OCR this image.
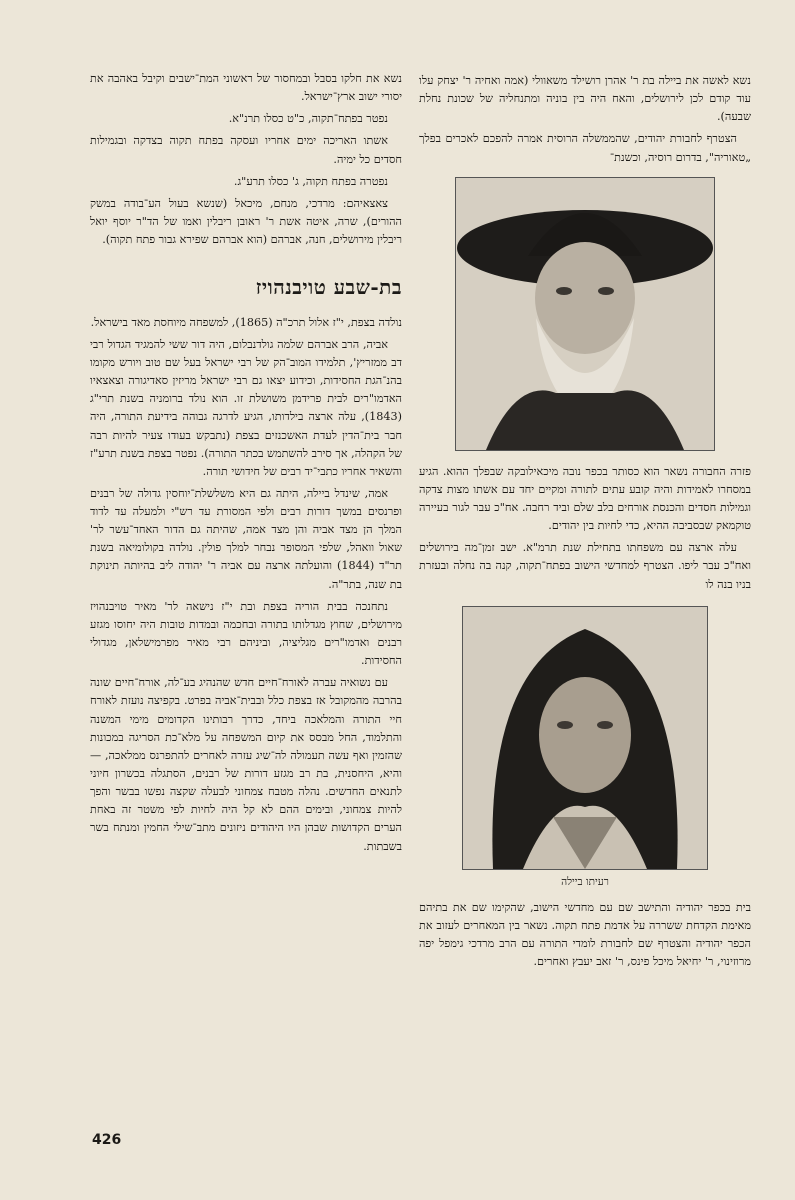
נשא לאשה את ביילה בת ר' אהרן רושילד משאוולי (אמה ואחיה ר' יצחק עלו עוד קודם לכן לירושלים, והאח היה בין בוניה ומתנחליה של שכונת נחלת שבעה).

הצטרף לחבורת יהודים, שהממשלה הרוסית אמרה להפכם לאכרים בפלך „טאוריה", בדרום רוסיה, וכשנת־

פזרה החבורה נשאר הוא כסותר בכפר נובה מיכאילובקה שבפלך ההוא. הגיע במסחרו לאמידות והיה קובע עתים לתורה ומקיים יחד עם אשתו מצות צדקה וגמילות חסדים והכנסת אורחים בלב שלם וביד רחבה. אח"כ עבר לגור בעיירה טוקמאק שבסביבה ההיא, כדי לחיות בין יהודים.

עלה ארצה עם משפחתו בתחילת שנת תרמ"א. ישב זמן־מה בירושלים ואח"כ עבר ליפו. הצטרף למחדשי הישוב בפתח־תקוה, קנה בה נחלה ובעזרת בניו בנה לו

רעיתו ביילה

בית בכפר יהודיה והתישב שם עם מחדשי הישוב, שהקימו שם את בתיהם מאימת הקדחת ששררה על אדמת פתח תקוה. נשאר בין המאחרים לעזוב את הכפר יהודיה והצטרף שם לחבורת לומדי התורה עם הרב מרדכי גימפל יפה מרוזינוי, ר' יחיאל מיכל פינס, ר' זאב יעבץ ואחרים.

נשא את חלקו בסבל ובמחסור של ראשוני המת־ישבים וקיבל באהבה את יסורי ישוב ארץ־ישראל.

נפטר בפתח־תקוה, כ"ט כסלו תרנ"א.

אשתו האריכה ימים אחריו ועסקה בפתח תקוה בצדקה ובגמילות חסדים כל ימיה.

נפטרה בפתח תקוה, ג' כסלו תרע"ג.

צאצאיהם: מרדכי, מנחם, מיכאל (שנשא בעול הע־בודה במשק ההורים), שרה, איטה אשת ר' ראובן ריבלין ואמו של הד"ר יוסף יואל ריבלין מירושלים, חנה, אברהם (הוא אברהם שפירא גבור פתח תקוה).

בת-שבע טויבנהויז

נולדה בצפת, י"ז אלול תרכ"ה (1865), למשפחה מיוחסת מאד בישראל.

אביה, הרב אברהם שלמה גולדנבלום, היה דור ששי להמגיד הגדול רבי דב ממזריץ', תלמידו המוב־הק של רבי ישראל בעל שם טוב ויורש מקומו בהנ־הגת החסידות, וכידוע יצאו גם רבי ישראל מריזין סאדיגורה וצאצאיו האדמו"רים לבית פרידמן משושלת זו. הוא נולד ברומניה בשנת תרי"ג (1843), עלה ארצה בילדותו, הגיע לדרגה גבוהה בידיעת התורה, היה חבר בית־הדין לעדת האשכנזים בצפת (נתבקש בעודו צעיר להיות רבה של הקהלה, אך סירב להשתמש בכתר התורה). נפטר בצפת בשנת תרע"ז והשאיר אחריו כתבי־יד רבים של חידושי תורה.

אמה, שינדל ביילה, היתה גם היא משלשלת־יוחסין גדולה של רבנים ופרנסים במשך דורות רבים ולפי המסורת עד רש"י ולמעלה עד לדוד המלך הן מצד אביה והן מצד אמה, שהיתה גם הדור האחד־עשר לר' שאול וואהל, שלפי המסופר נבחר למלך פולין. נולדה בקולומיאה בשנת תר"ד (1844) והועלתה ארצה עם אביה ר' יהודה ליב בהיותה תינוקת בת שנה, בתר"ה.

נתחנכה בבית הוריה בצפת ובת י"ז נישאה לר' מאיר טויבנהויז מירושלים, שחוץ מגדלותו בתורה ובחכמה ובמדות טובות היה יחוסו מגזע רבנים ואדמו"רים מגליציה, וביניהם רבי מאיר מפרמישלאן, מגדולי החסידות.

עם נשואיה עברה לאורח־חיים חדש שהנהיג בע־לה, אורח־חיים שונה בהרבה מהמקובל אז בצפת כלל ובבית־אביה בפרט. בקפיצה נועזת לאורח חיי התורה והמלאכה ביחד, כדרך רבותינו הקדומים מימי המשנה והתלמוד, החל מבסס את קיום המשפחה על מלא־כת הסריגה במכונות שהזמין ואף עשה תעמולה לה־שיג עזרה לאחרים להתפרנס ממלאכה, — והיא, היחסנית, בת רב מגזע דורות של רבנים, הסתגלה בכשרון חיוני לתנאים החדשים. נהלה מטבח צמחוני לבעלה שקצה נפשו בבשר והפך להיות צמחוני, ובימים ההם לא קל היה לחיות לפי משטר זה באחת הערים הקדושות שבהן היו היהודים ניזונים מתב־שילי החמין ומנתח בשר בשבתות.

426
